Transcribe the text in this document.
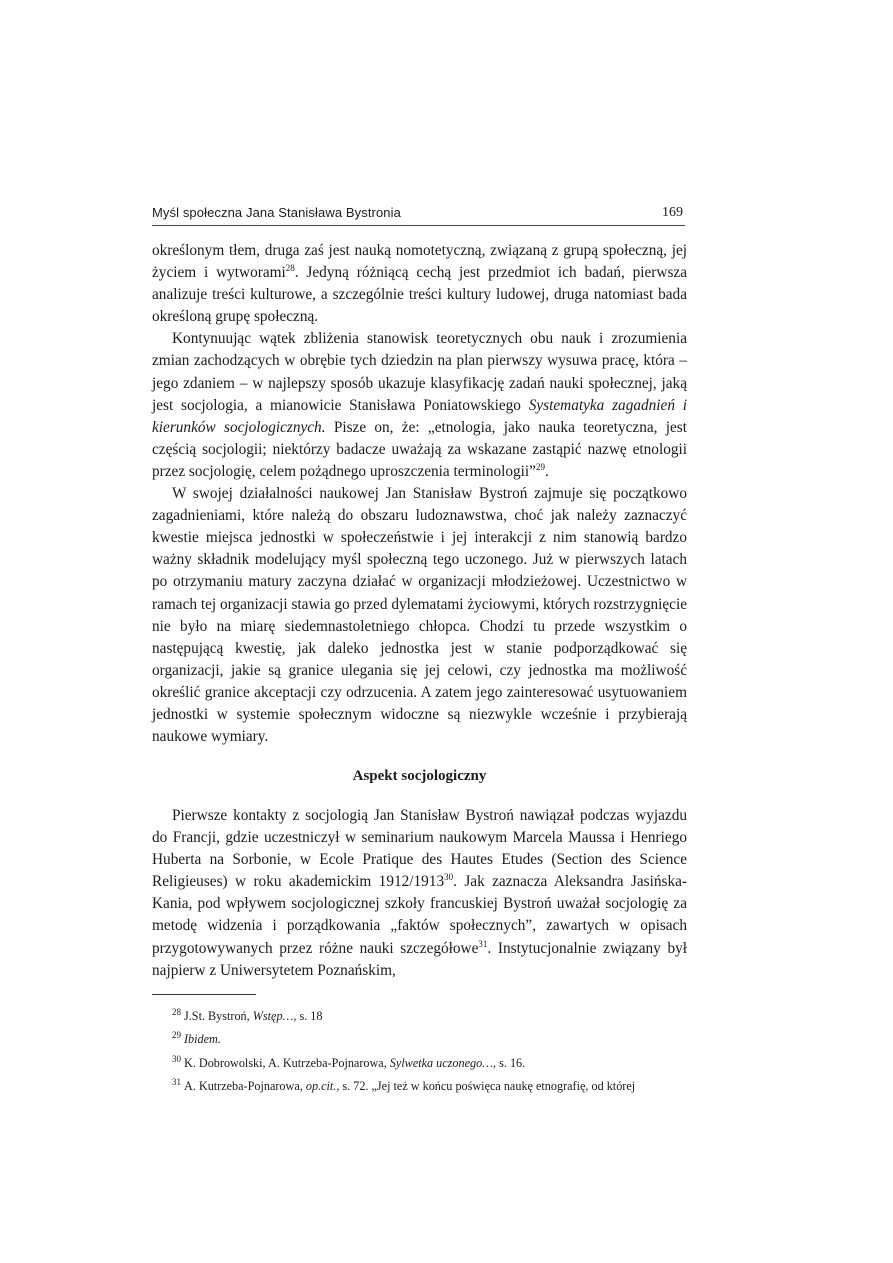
Myśl społeczna Jana Stanisława Bystronia	169

określonym tłem, druga zaś jest nauką nomotetyczną, związaną z grupą społeczną, jej życiem i wytworami$^{28}$. Jedyną różniącą cechą jest przedmiot ich badań, pierwsza analizuje treści kulturowe, a szczególnie treści kultury ludowej, druga natomiast bada określoną grupę społeczną.

Kontynuując wątek zbliżenia stanowisk teoretycznych obu nauk i zrozumienia zmian zachodzących w obrębie tych dziedzin na plan pierwszy wysuwa pracę, która – jego zdaniem – w najlepszy sposób ukazuje klasyfikację zadań nauki społecznej, jaką jest socjologia, a mianowicie Stanisława Poniatowskiego Systematyka zagadnień i kierunków socjologicznych. Pisze on, że: „etnologia, jako nauka teoretyczna, jest częścią socjologii; niektórzy badacze uważają za wskazane zastąpić nazwę etnologii przez socjologię, celem pożądnego uproszczenia terminologii”$^{29}$.

W swojej działalności naukowej Jan Stanisław Bystroń zajmuje się początkowo zagadnieniami, które należą do obszaru ludoznawstwa, choć jak należy zaznaczyć kwestie miejsca jednostki w społeczeństwie i jej interakcji z nim stanowią bardzo ważny składnik modelujący myśl społeczną tego uczonego. Już w pierwszych latach po otrzymaniu matury zaczyna działać w organizacji młodzieżowej. Uczestnictwo w ramach tej organizacji stawia go przed dylematami życiowymi, których rozstrzygnięcie nie było na miarę siedemnastoletniego chłopca. Chodzi tu przede wszystkim o następującą kwestię, jak daleko jednostka jest w stanie podporządkować się organizacji, jakie są granice ulegania się jej celowi, czy jednostka ma możliwość określić granice akceptacji czy odrzucenia. A zatem jego zainteresować usytuowaniem jednostki w systemie społecznym widoczne są niezwykle wcześnie i przybierają naukowe wymiary.

Aspekt socjologiczny
Pierwsze kontakty z socjologią Jan Stanisław Bystroń nawiązał podczas wyjazdu do Francji, gdzie uczestniczył w seminarium naukowym Marcela Maussa i Henriego Huberta na Sorbonie, w Ecole Pratique des Hautes Etudes (Section des Science Religieuses) w roku akademickim 1912/1913$^{30}$. Jak zaznacza Aleksandra Jasińska-Kania, pod wpływem socjologicznej szkoły francuskiej Bystroń uważał socjologię za metodę widzenia i porządkowania „faktów społecznych”, zawartych w opisach przygotowywanych przez różne nauki szczegółowe$^{31}$. Instytucjonalnie związany był najpierw z Uniwersytetem Poznańskim,
$^{28}$ J.St. Bystroń, Wstęp…, s. 18
$^{29}$ Ibidem.
$^{30}$ K. Dobrowolski, A. Kutrzeba-Pojnarowa, Sylwetka uczonego…, s. 16.
$^{31}$ A. Kutrzeba-Pojnarowa, op.cit., s. 72. „Jej też w końcu poświęca naukę etnografię, od której
